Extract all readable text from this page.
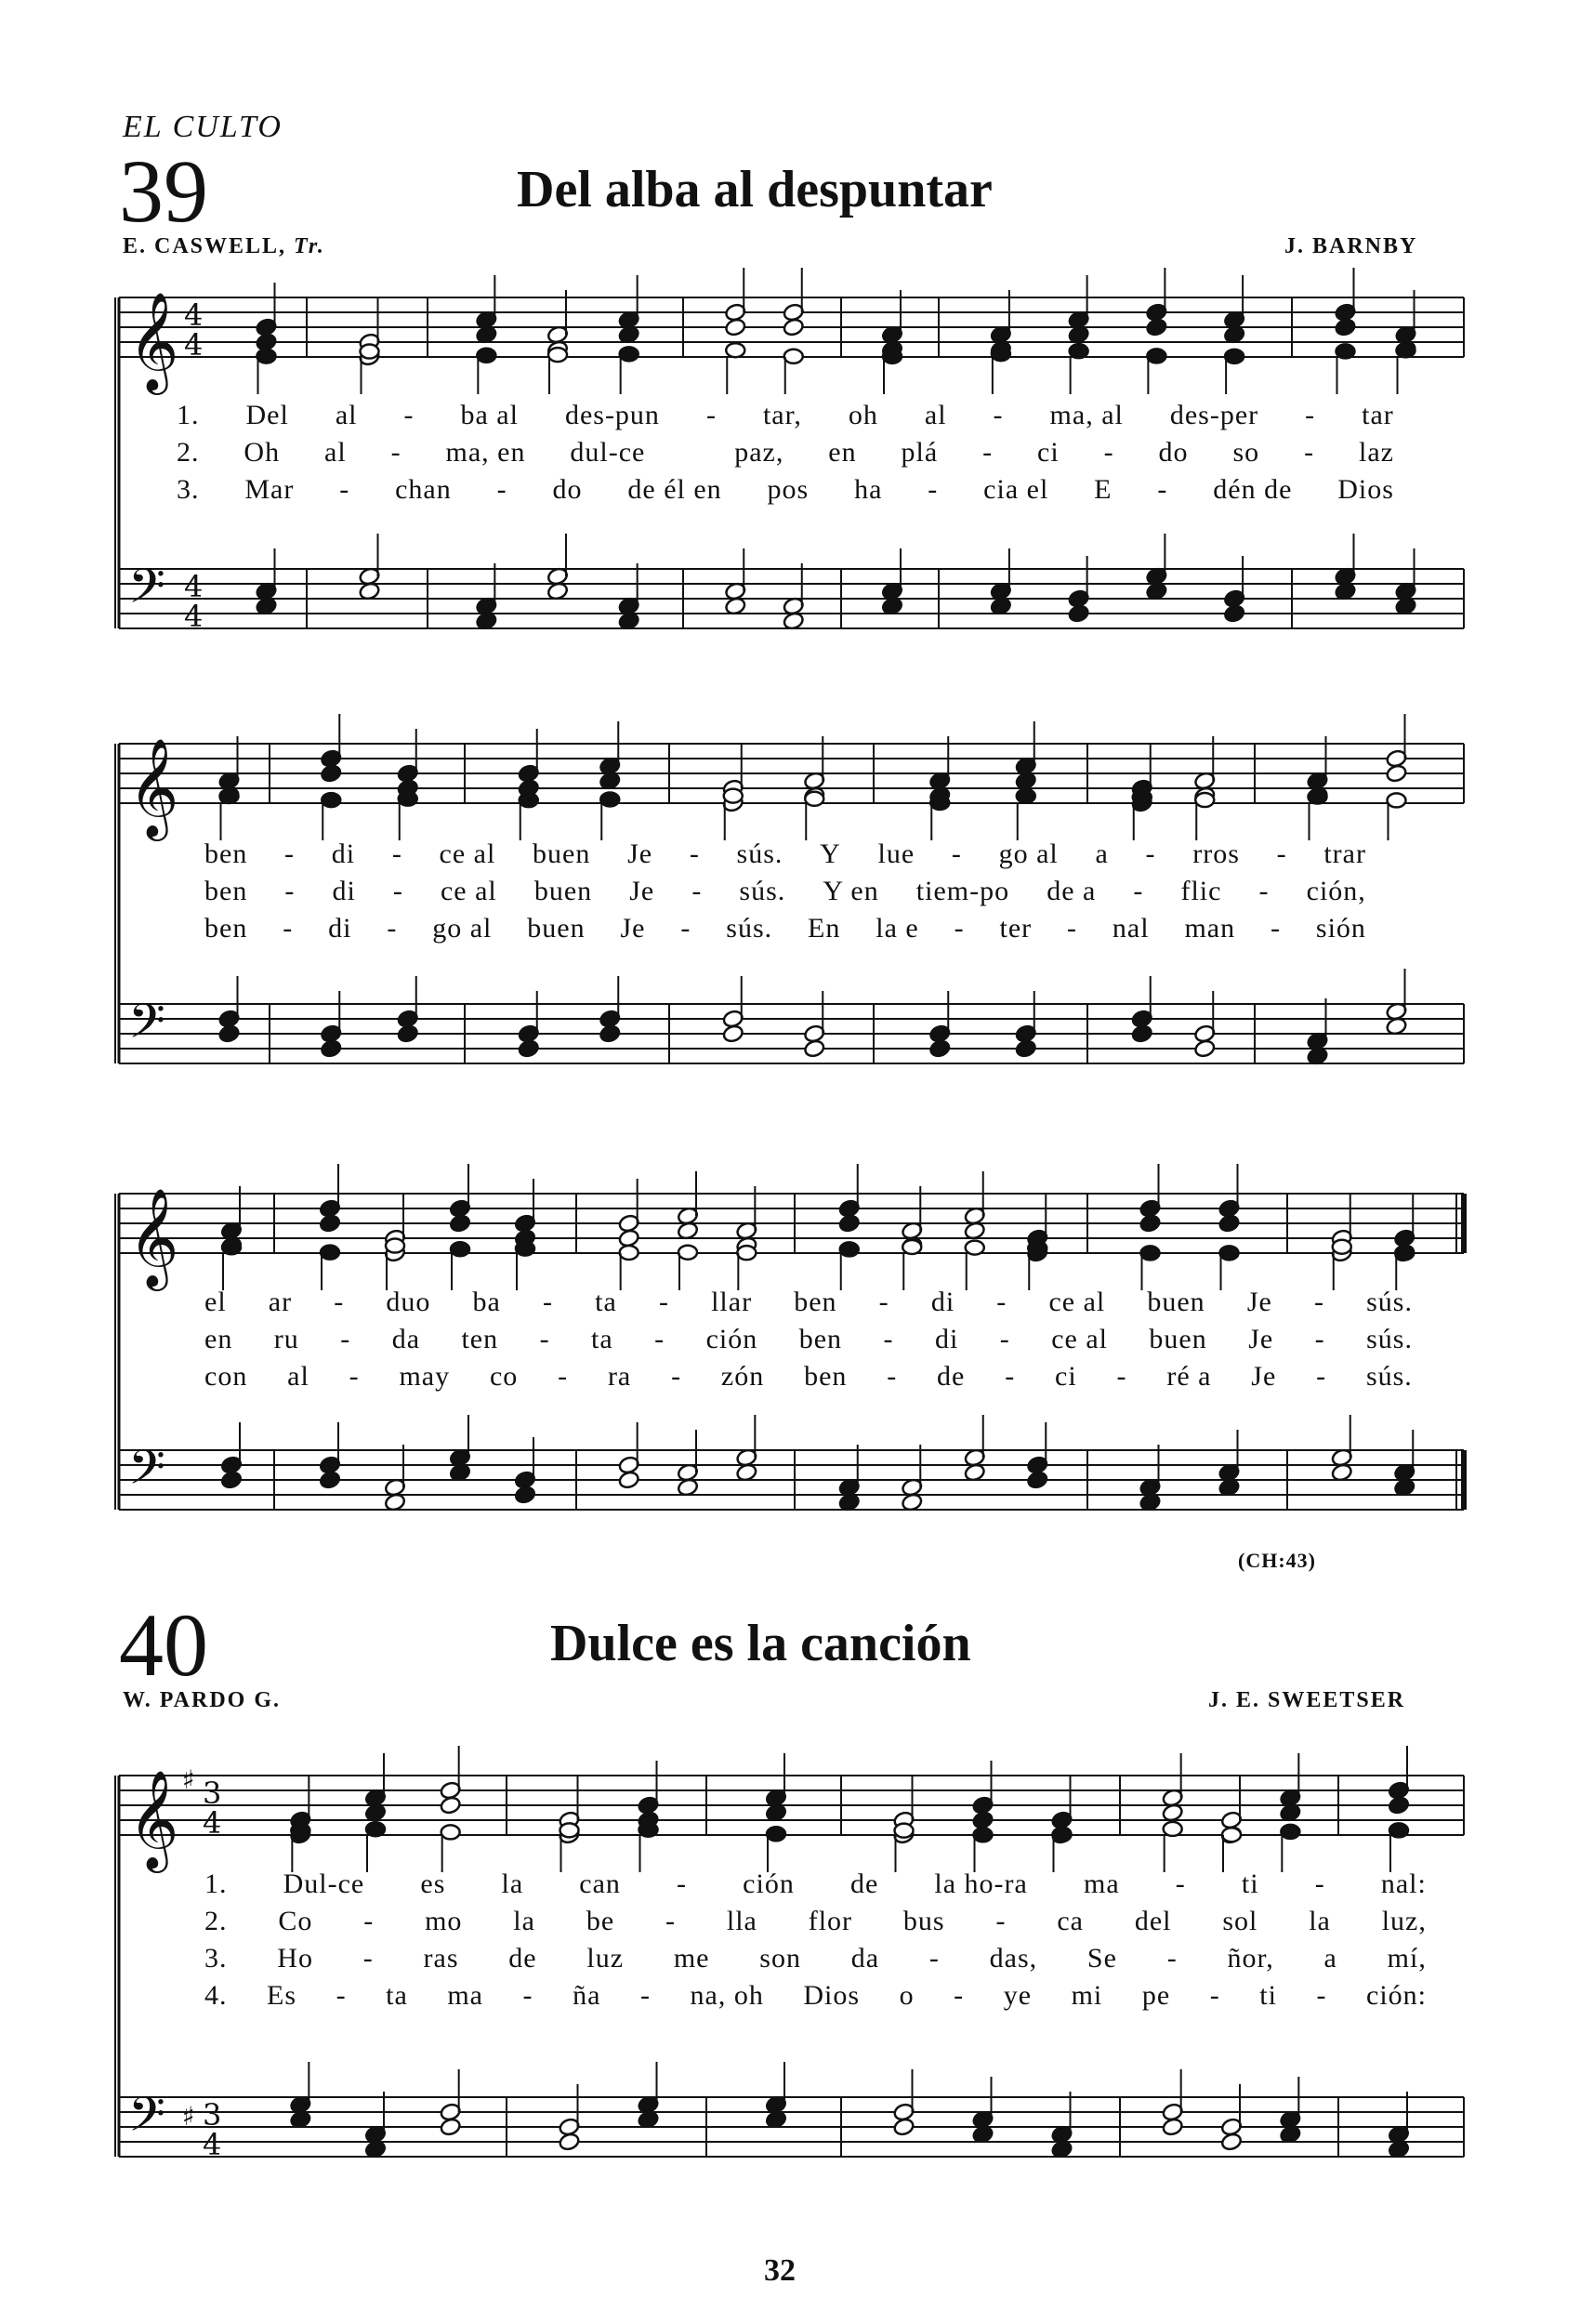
EL CULTO
39	Del alba al despuntar
E. CASWELL, Tr.	J. BARNBY
(CH:43)
40	Dulce es la canción
W. PARDO G.	J. E. SWEETSER
32
1. Del al - ba al des-pun - tar, oh al - ma, al des-per - tar
2. Oh al - ma, en dul-ce	paz, en plá - ci - do so - laz
3. Mar - chan - do de él en pos ha - cia el E - dén de Dios
ben - di - ce al buen Je - sús. Y lue - go al a - rros - trar
ben - di - ce al buen Je - sús. Y en tiem-po de a - flic - ción,
ben - di - go al buen Je - sús. En la e - ter - nal man - sión
el ar - duo ba - ta - llar ben - di - ce al buen Je - sús.
en ru - da ten - ta - ción ben - di - ce al buen Je - sús.
con al - may co - ra - zón ben - de - ci - ré a Je - sús.
1. Dul-ce es la can - ción de la ho-ra ma - ti - nal:
2. Co - mo la be - lla flor bus - ca del sol la luz,
3. Ho - ras de luz me son da - das, Se - ñor, a mí,
4. Es - ta ma - ña - na, oh Dios o - ye mi pe - ti - ción:
𝄞
𝄢
4
4
4
4
𝄞
𝄢
𝄞
𝄢
𝄞
𝄢
♯
♯
3
4
3
4
